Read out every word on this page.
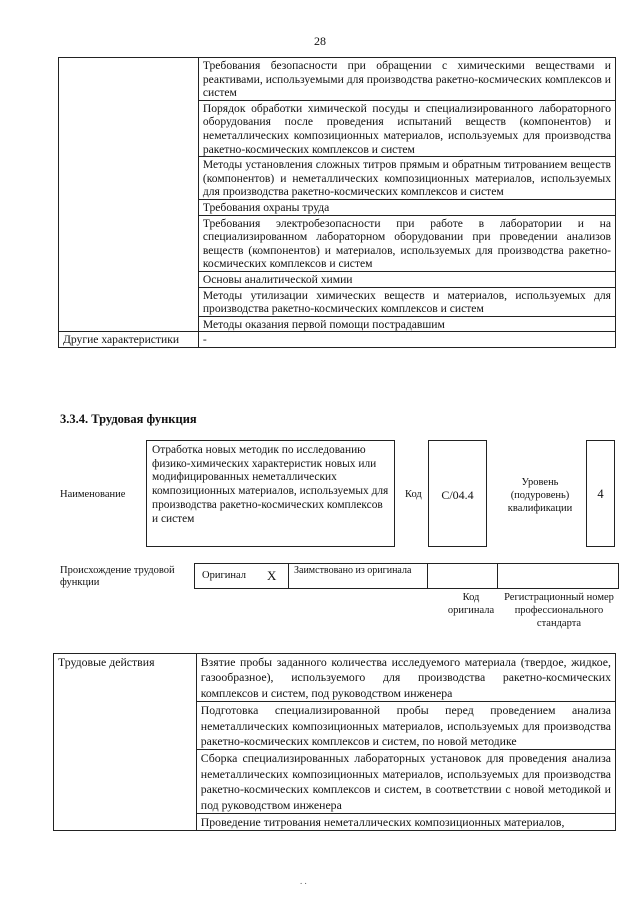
28
	Требования безопасности при обращении с химическими веществами и реактивами, используемыми для производства ракетно-космических комплексов и систем
	Порядок обработки химической посуды и специализированного лабораторного оборудования после проведения испытаний веществ (компонентов) и неметаллических композиционных материалов, используемых для производства ракетно-космических комплексов и систем
	Методы установления сложных титров прямым и обратным титрованием веществ (компонентов) и неметаллических композиционных материалов, используемых для производства ракетно-космических комплексов и систем
	Требования охраны труда
	Требования электробезопасности при работе в лаборатории и на специализированном лабораторном оборудовании при проведении анализов веществ (компонентов) и материалов, используемых для производства ракетно-космических комплексов и систем
	Основы аналитической химии
	Методы утилизации химических веществ и материалов, используемых для производства ракетно-космических комплексов и систем
	Методы оказания первой помощи пострадавшим
Другие характеристики	-
3.3.4. Трудовая функция
Наименование
Отработка новых методик по исследованию физико-химических характеристик новых или модифицированных неметаллических композиционных материалов, используемых для производства ракетно-космических комплексов и систем
Код	C/04.4
Уровень (подуровень) квалификации
4
Происхождение трудовой функции
Оригинал X	Заимствовано из оригинала
Код оригинала
Регистрационный номер профессионального стандарта
Трудовые действия	Взятие пробы заданного количества исследуемого материала (твердое, жидкое, газообразное), используемого для производства ракетно-космических комплексов и систем, под руководством инженера
Подготовка специализированной пробы перед проведением анализа неметаллических композиционных материалов, используемых для производства ракетно-космических комплексов и систем, по новой методике
Сборка специализированных лабораторных установок для проведения анализа неметаллических композиционных материалов, используемых для производства ракетно-космических комплексов и систем, в соответствии с новой методикой и под руководством инженера
Проведение титрования неметаллических композиционных материалов,
. .
